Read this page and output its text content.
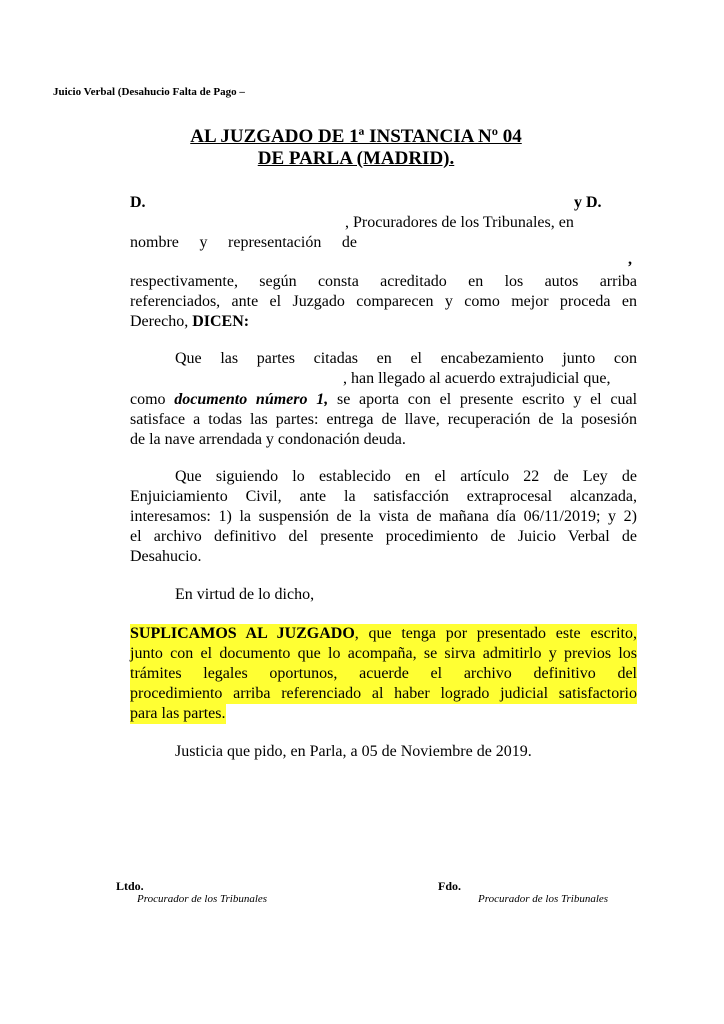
Juicio Verbal (Desahucio Falta de Pago –

AL JUZGADO DE 1ª INSTANCIA Nº 04

DE PARLA (MADRID).

D.	y D.
, Procuradores de los Tribunales, en
nombre y representación de
,
respectivamente, según consta acreditado en los autos arriba
referenciados, ante el Juzgado comparecen y como mejor proceda en
Derecho, DICEN:
Que las partes citadas en el encabezamiento junto con
, han llegado al acuerdo extrajudicial que,
como documento número 1, se aporta con el presente escrito y el cual
satisface a todas las partes: entrega de llave, recuperación de la posesión
de la nave arrendada y condonación deuda.
Que siguiendo lo establecido en el artículo 22 de Ley de
Enjuiciamiento Civil, ante la satisfacción extraprocesal alcanzada,
interesamos: 1) la suspensión de la vista de mañana día 06/11/2019; y 2)
el archivo definitivo del presente procedimiento de Juicio Verbal de
Desahucio.
En virtud de lo dicho,
SUPLICAMOS AL JUZGADO, que tenga por presentado este escrito,
junto con el documento que lo acompaña, se sirva admitirlo y previos los
trámites legales oportunos, acuerde el archivo definitivo del
procedimiento arriba referenciado al haber logrado judicial satisfactorio
para las partes.
Justicia que pido, en Parla, a 05 de Noviembre de 2019.
Ltdo.
Procurador de los Tribunales
Fdo.
Procurador de los Tribunales
